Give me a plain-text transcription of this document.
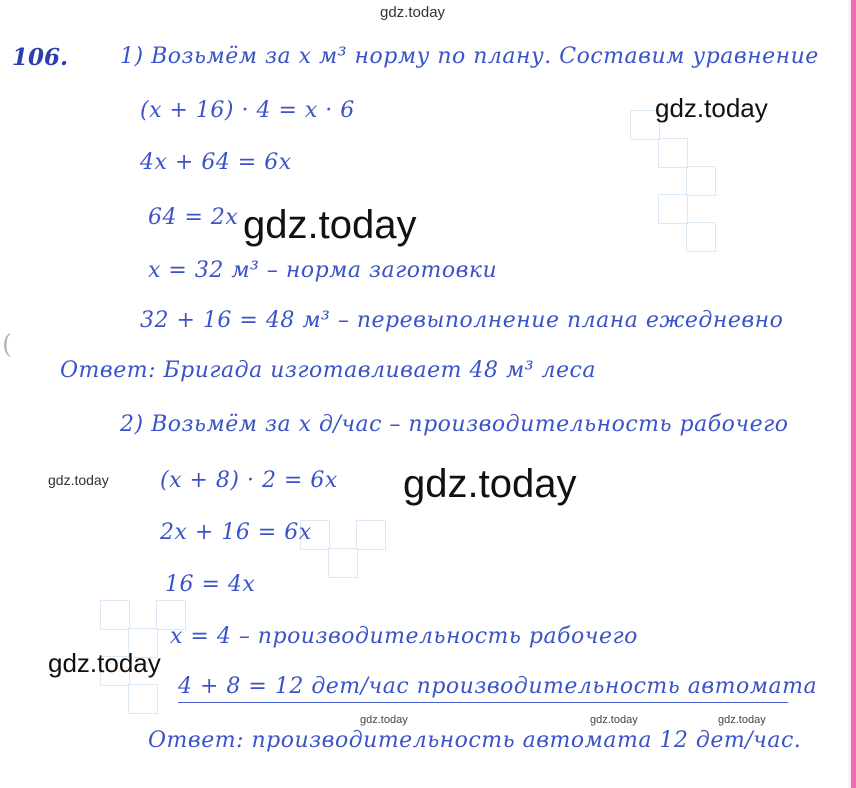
(
106. 1) Возьмём за x м³ норму по плану. Составим уравнение
(x + 16) · 4 = x · 6
4x + 64 = 6x
64 = 2x
x = 32 м³ – норма заготовки
32 + 16 = 48 м³ – перевыполнение плана ежедневно
Ответ: Бригада изготавливает 48 м³ леса
2) Возьмём за x д/час – производительность рабочего
(x + 8) · 2 = 6x
2x + 16 = 6x
16 = 4x
x = 4 – производительность рабочего
4 + 8 = 12 дет/час производительность автомата
Ответ: производительность автомата 12 дет/час.
gdz.today
gdz.today
gdz.today
gdz.today	gdz.today
gdz.today
gdz.today	gdz.today	gdz.today
